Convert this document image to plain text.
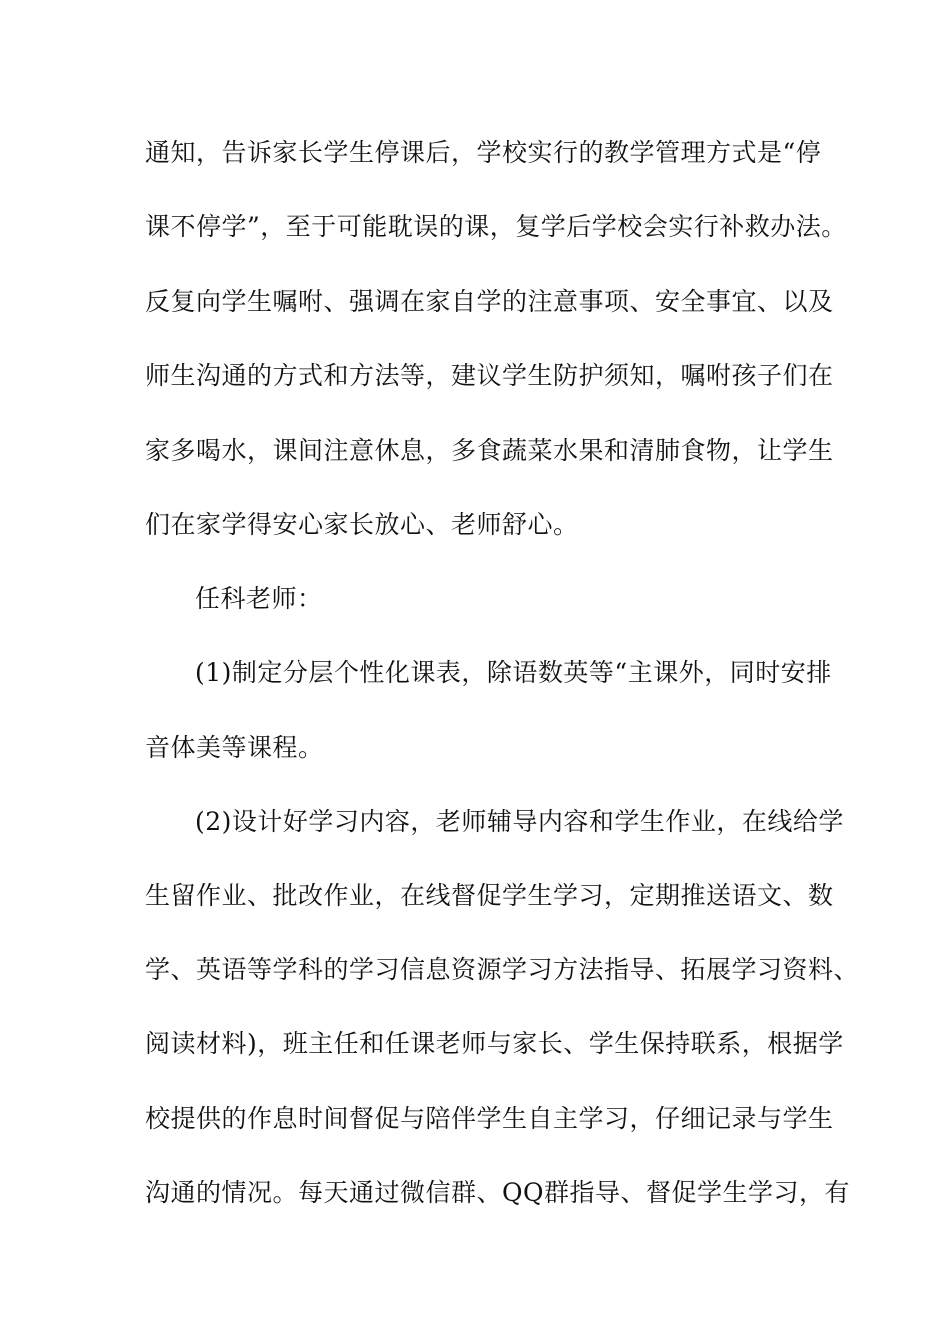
通知，告诉家长学生停课后，学校实行的教学管理方式是“停
课不停学”，至于可能耽误的课，复学后学校会实行补救办法。
反复向学生嘱咐、强调在家自学的注意事项、安全事宜、以及
师生沟通的方式和方法等，建议学生防护须知，嘱咐孩子们在
家多喝水，课间注意休息，多食蔬菜水果和清肺食物，让学生
们在家学得安心家长放心、老师舒心。
任科老师：
(1)制定分层个性化课表，除语数英等“主课外，同时安排
音体美等课程。
(2)设计好学习内容，老师辅导内容和学生作业，在线给学
生留作业、批改作业，在线督促学生学习，定期推送语文、数
学、英语等学科的学习信息资源学习方法指导、拓展学习资料、
阅读材料)，班主任和任课老师与家长、学生保持联系，根据学
校提供的作息时间督促与陪伴学生自主学习，仔细记录与学生
沟通的情况。每天通过微信群、QQ群指导、督促学生学习，有
